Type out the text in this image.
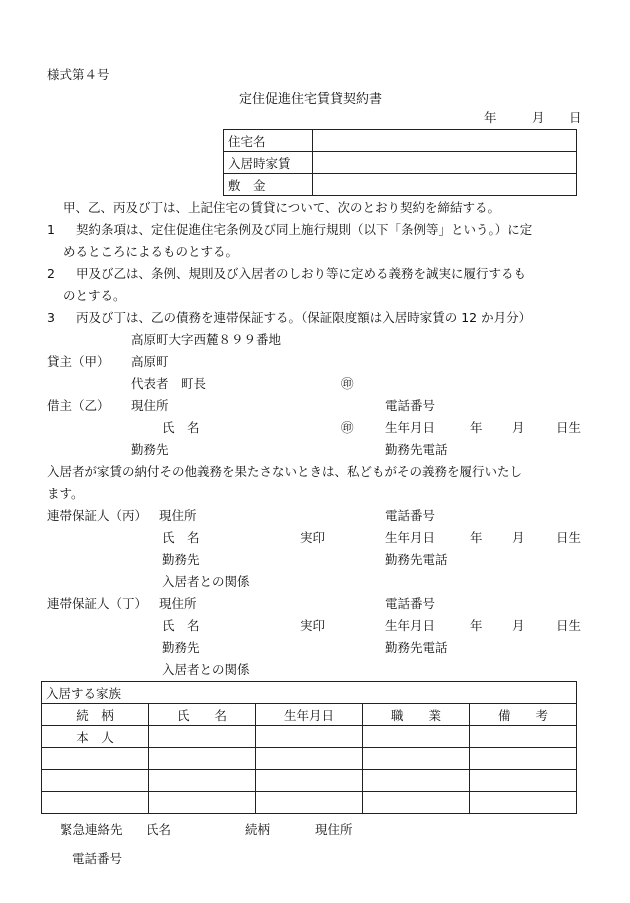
様式第４号
定住促進住宅賃貸契約書
年	月 日
住宅名	
入居時家賃	
敷　金	
甲、乙、丙及び丁は、上記住宅の賃貸について、次のとおり契約を締結する。
1 契約条項は、定住促進住宅条例及び同上施行規則（以下「条例等」という。）に定
めるところによるものとする。
2 甲及び乙は、条例、規則及び入居者のしおり等に定める義務を誠実に履行するも
のとする。
3 丙及び丁は、乙の債務を連帯保証する。（保証限度額は入居時家賃の 12 か月分）
高原町大字西麓８９９番地
貸主（甲） 高原町
代表者　町長	㊞
借主（乙） 現住所	電話番号
氏　名	㊞	生年月日	年 月	日生
勤務先	勤務先電話
入居者が家賃の納付その他義務を果たさないときは、私どもがその義務を履行いたし
ます。
連帯保証人（丙） 現住所	電話番号
氏　名	実印	生年月日	年 月	日生
勤務先	勤務先電話
入居者との関係
連帯保証人（丁） 現住所	電話番号
氏　名	実印	生年月日	年 月	日生
勤務先	勤務先電話
入居者との関係
入居する家族				
続　柄	氏　　名	生年月日	職　　業	備　　考
本　人				

緊急連絡先 氏名	続柄	現住所
電話番号
